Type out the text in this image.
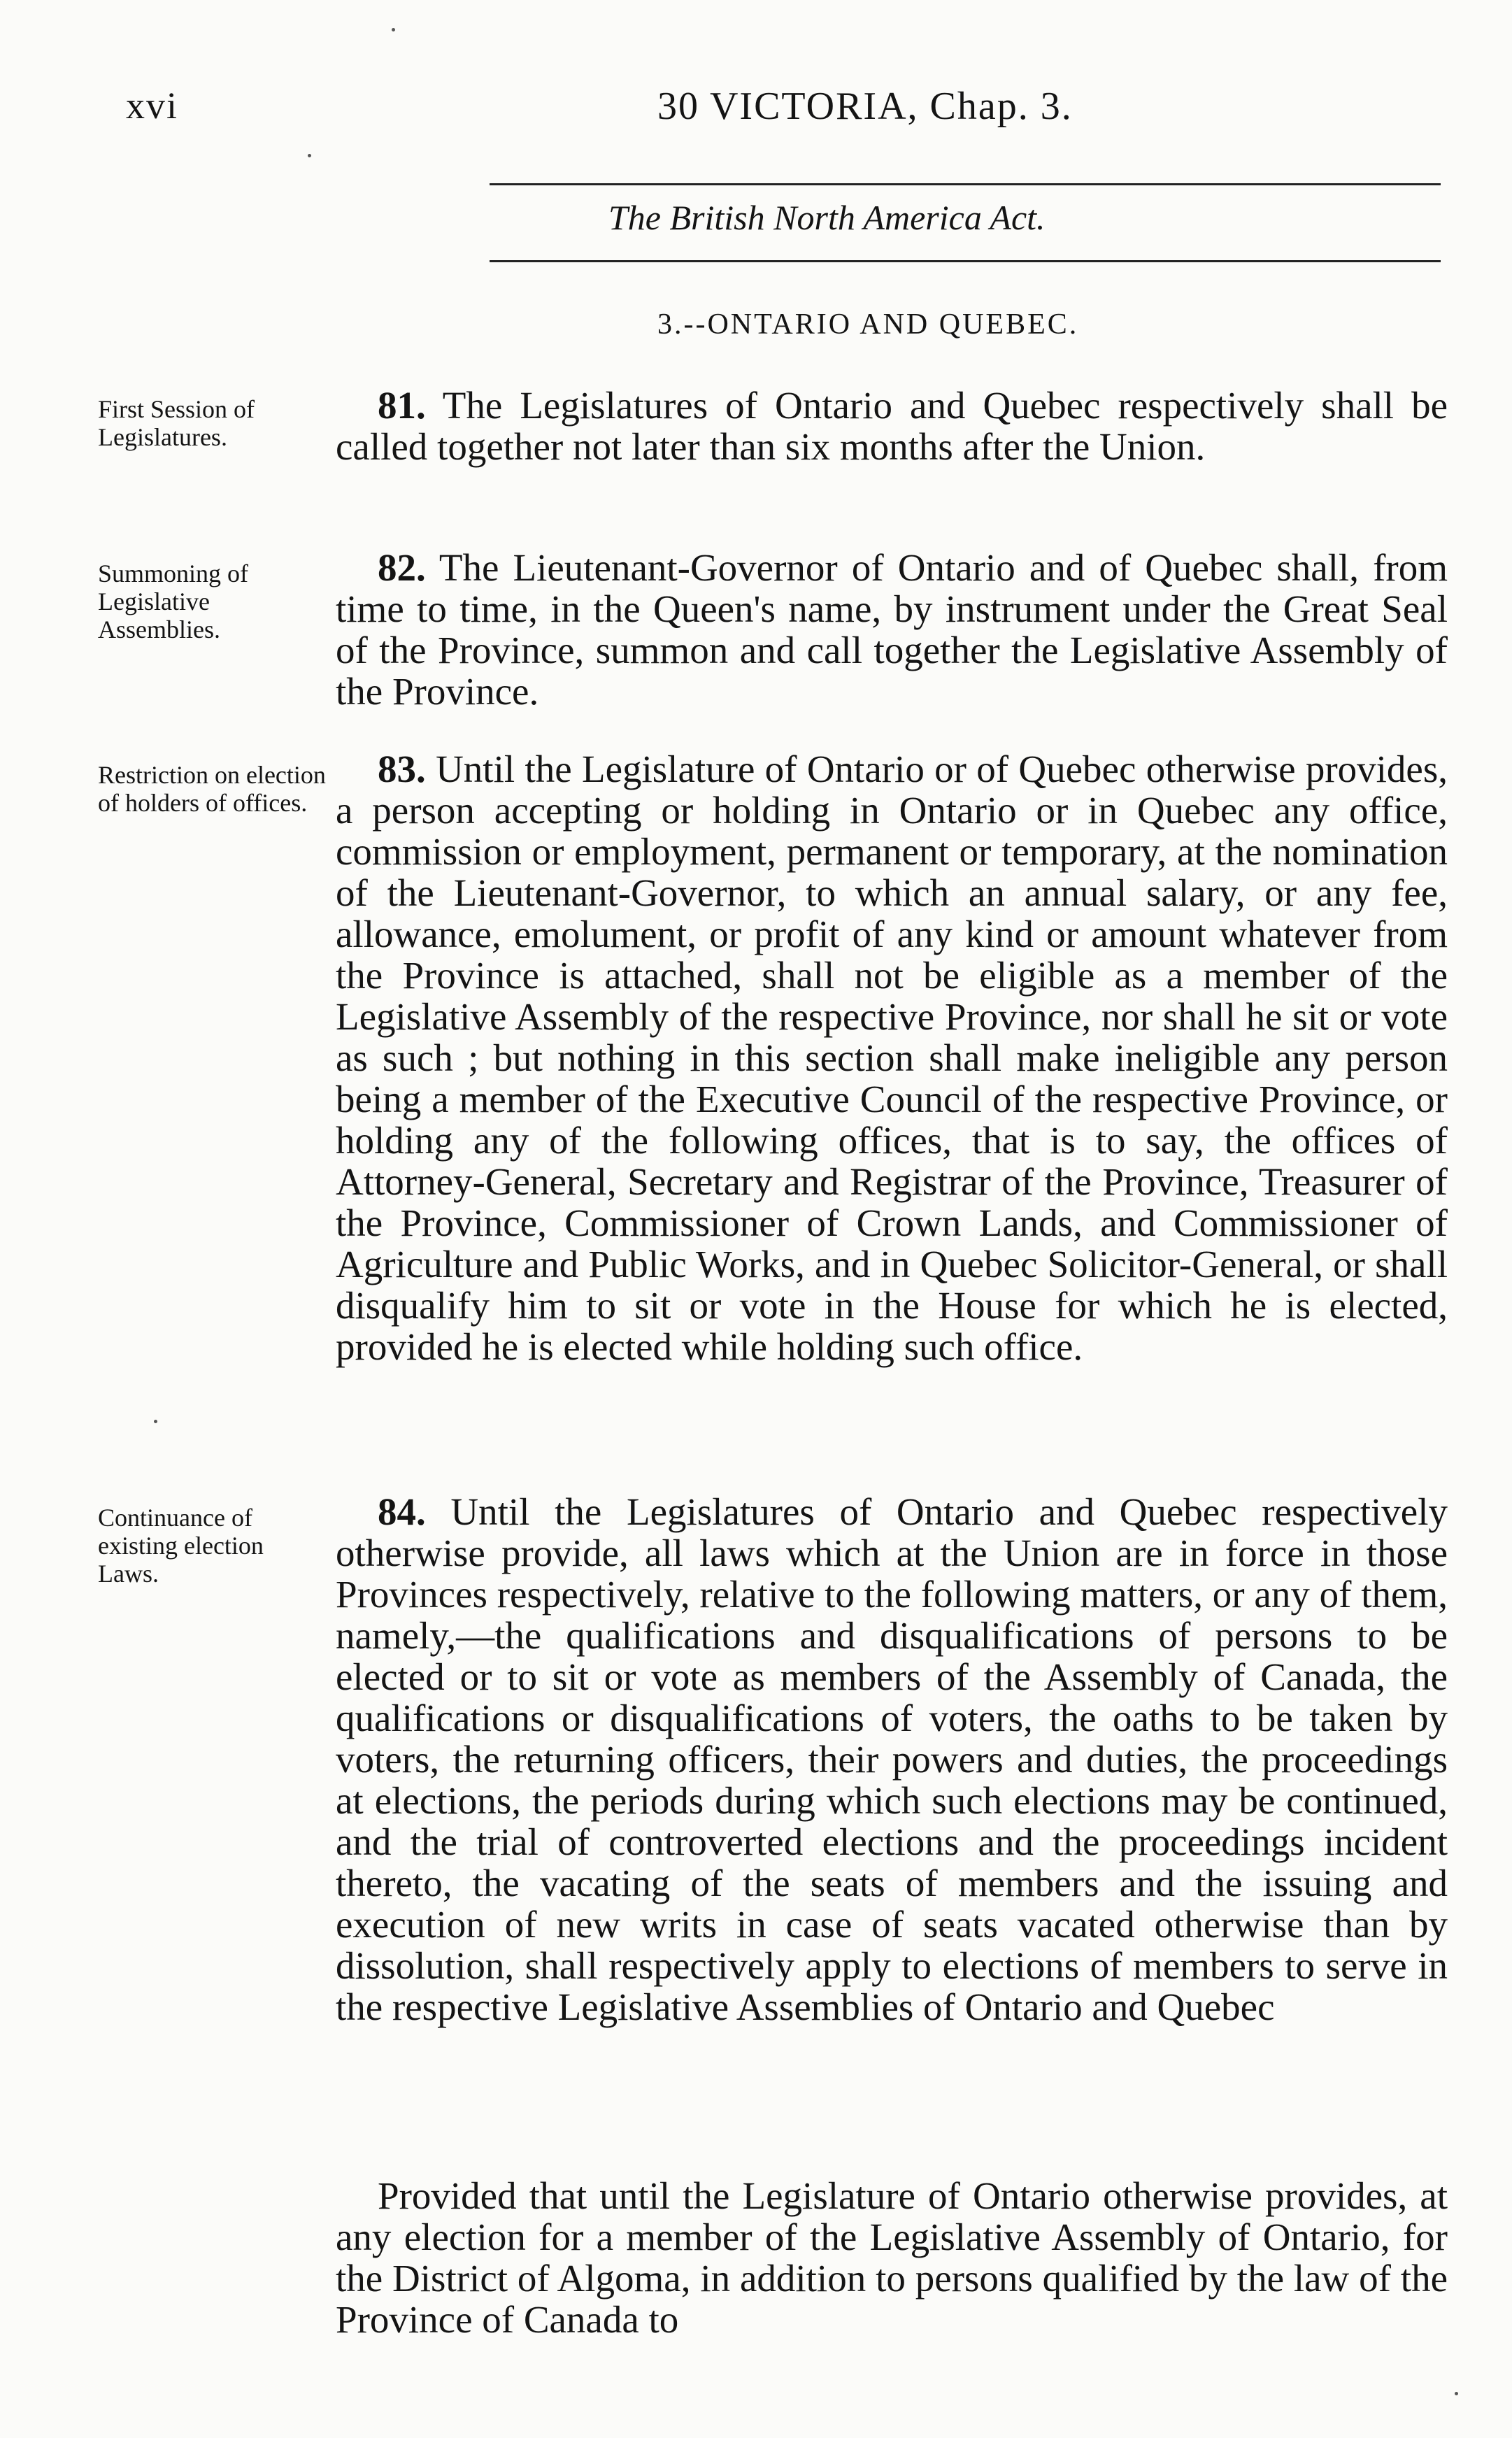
xvi	30 VICTORIA, Chap. 3.
The British North America Act.
3.--ONTARIO AND QUEBEC.
First Session of Legislatures.
81. The Legislatures of Ontario and Quebec respectively shall be called together not later than six months after the Union.
Summoning of Legislative Assemblies.
82. The Lieutenant-Governor of Ontario and of Quebec shall, from time to time, in the Queen's name, by instrument under the Great Seal of the Province, summon and call together the Legislative Assembly of the Province.
Restriction on election of holders of offices.
83. Until the Legislature of Ontario or of Quebec otherwise provides, a person accepting or holding in Ontario or in Quebec any office, commission or employment, permanent or temporary, at the nomination of the Lieutenant-Governor, to which an annual salary, or any fee, allowance, emolument, or profit of any kind or amount whatever from the Province is attached, shall not be eligible as a member of the Legislative Assembly of the respective Province, nor shall he sit or vote as such ; but nothing in this section shall make ineligible any person being a member of the Executive Council of the respective Province, or holding any of the following offices, that is to say, the offices of Attorney-General, Secretary and Registrar of the Province, Treasurer of the Province, Commissioner of Crown Lands, and Commissioner of Agriculture and Public Works, and in Quebec Solicitor-General, or shall disqualify him to sit or vote in the House for which he is elected, provided he is elected while holding such office.
Continuance of existing election Laws.
84. Until the Legislatures of Ontario and Quebec respectively otherwise provide, all laws which at the Union are in force in those Provinces respectively, relative to the following matters, or any of them, namely,—the qualifications and disqualifications of persons to be elected or to sit or vote as members of the Assembly of Canada, the qualifications or disqualifications of voters, the oaths to be taken by voters, the returning officers, their powers and duties, the proceedings at elections, the periods during which such elections may be continued, and the trial of controverted elections and the proceedings incident thereto, the vacating of the seats of members and the issuing and execution of new writs in case of seats vacated otherwise than by dissolution, shall respectively apply to elections of members to serve in the respective Legislative Assemblies of Ontario and Quebec
Provided that until the Legislature of Ontario otherwise provides, at any election for a member of the Legislative Assembly of Ontario, for the District of Algoma, in addition to persons qualified by the law of the Province of Canada to
